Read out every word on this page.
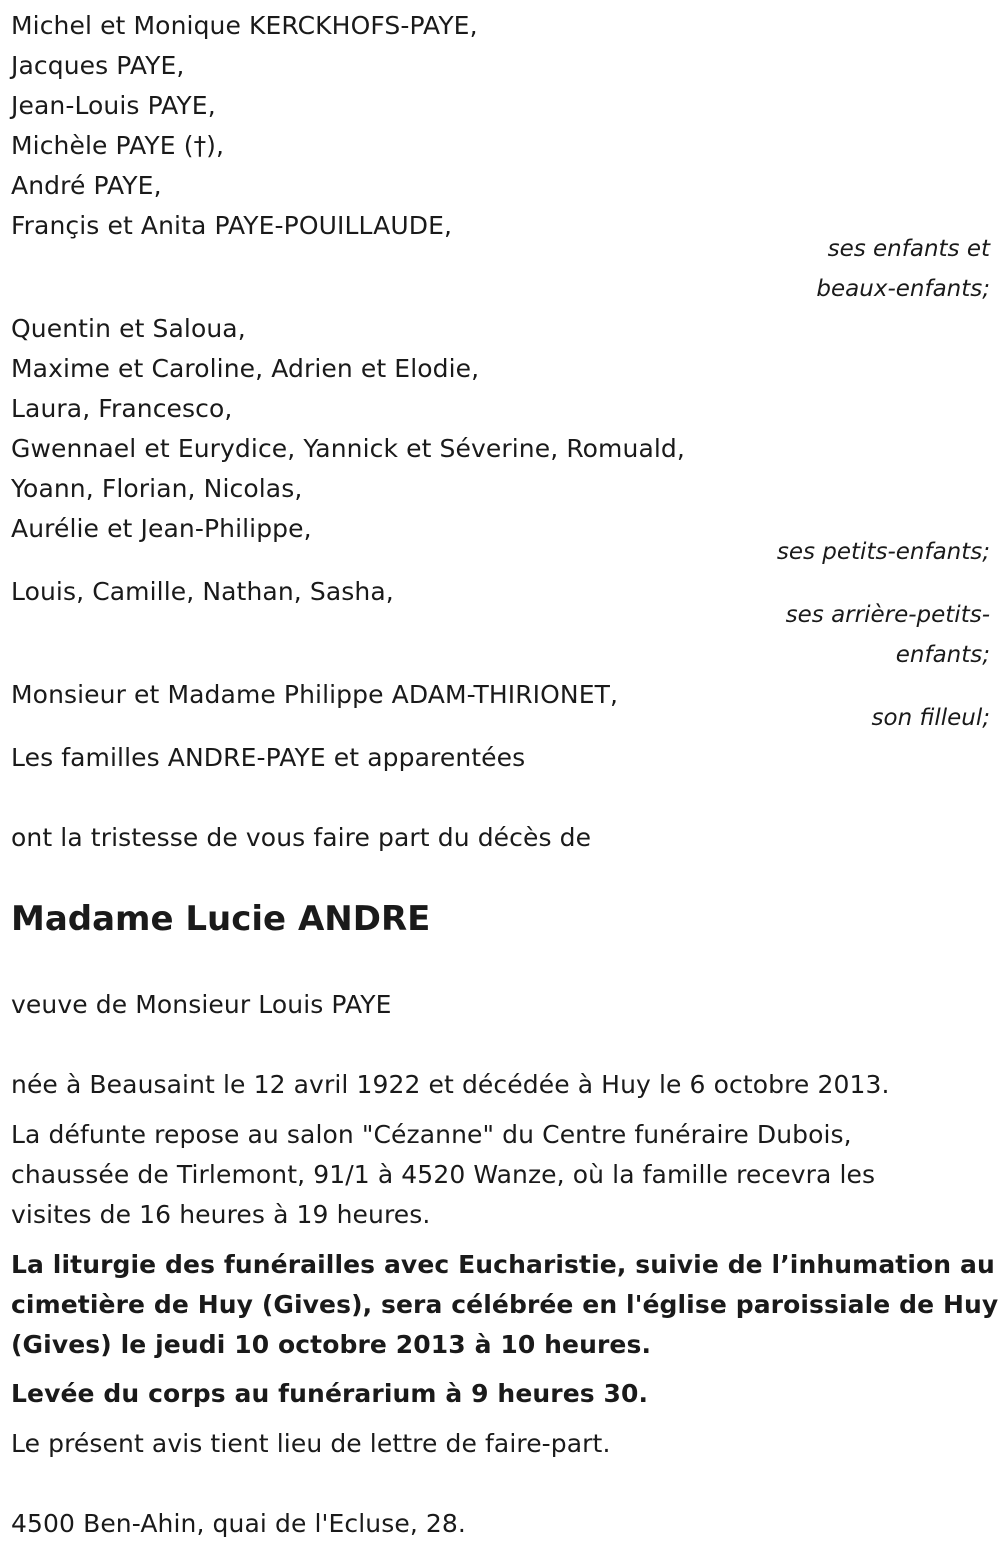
Michel et Monique KERCKHOFS-PAYE,
Jacques PAYE,
Jean-Louis PAYE,
Michèle PAYE (†),
André PAYE,
Françis et Anita PAYE-POUILLAUDE,
ses enfants et
beaux-enfants;
Quentin et Saloua,
Maxime et Caroline, Adrien et Elodie,
Laura, Francesco,
Gwennael et Eurydice, Yannick et Séverine, Romuald,
Yoann, Florian, Nicolas,
Aurélie et Jean-Philippe,
ses petits-enfants;
Louis, Camille, Nathan, Sasha,
ses arrière-petits-
enfants;
Monsieur et Madame Philippe ADAM-THIRIONET,
son filleul;
Les familles ANDRE-PAYE et apparentées
ont la tristesse de vous faire part du décès de
Madame Lucie ANDRE
veuve de Monsieur Louis PAYE
née à Beausaint le 12 avril 1922 et décédée à Huy le 6 octobre 2013.
La défunte repose au salon "Cézanne" du Centre funéraire Dubois,
chaussée de Tirlemont, 91/1 à 4520 Wanze, où la famille recevra les
visites de 16 heures à 19 heures.
La liturgie des funérailles avec Eucharistie, suivie de l’inhumation au
cimetière de Huy (Gives), sera célébrée en l'église paroissiale de Huy
(Gives) le jeudi 10 octobre 2013 à 10 heures.
Levée du corps au funérarium à 9 heures 30.
Le présent avis tient lieu de lettre de faire-part.
4500 Ben-Ahin, quai de l'Ecluse, 28.
